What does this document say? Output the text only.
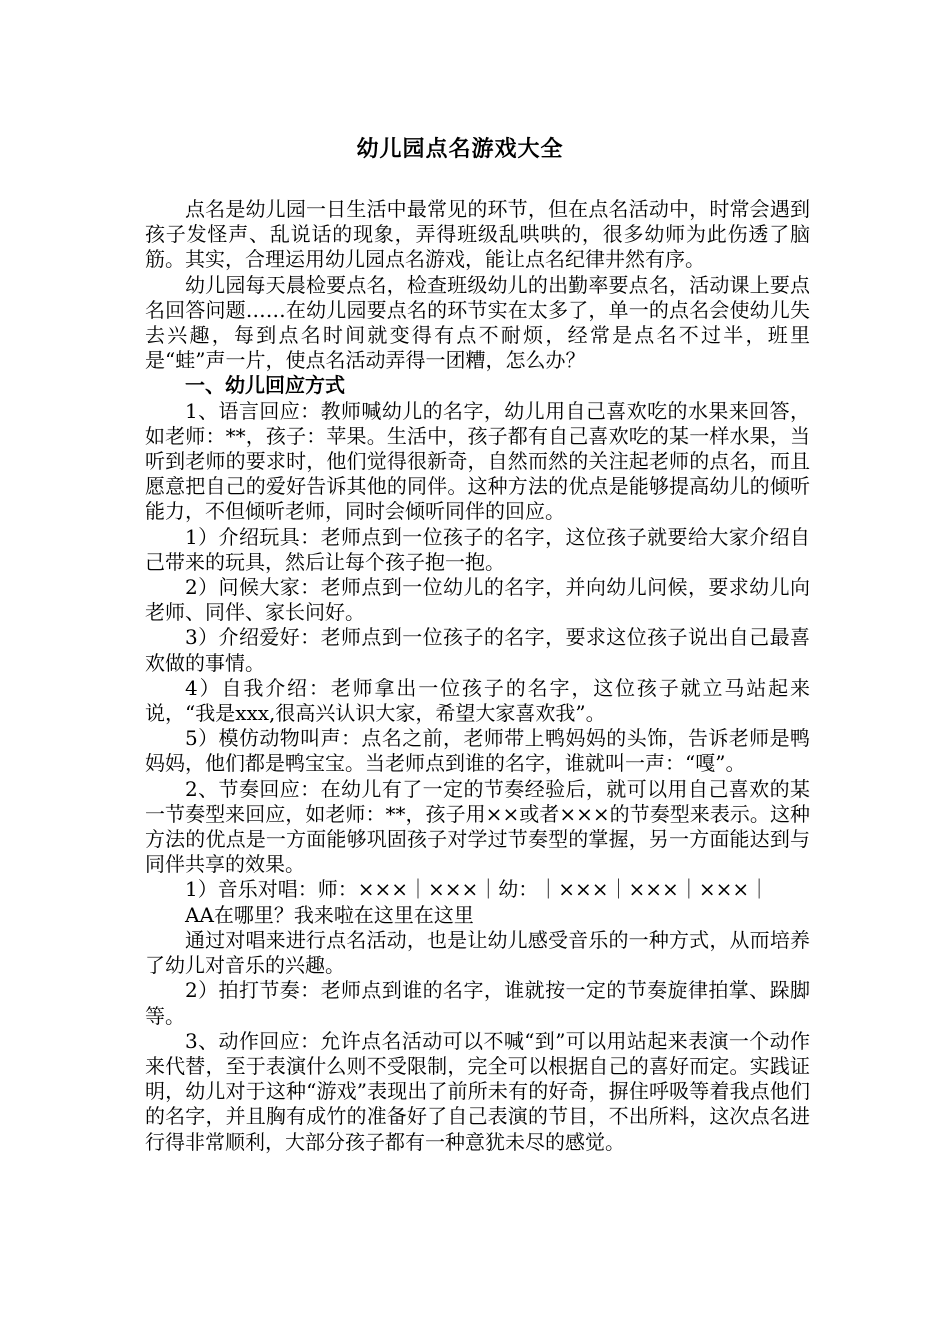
幼儿园点名游戏大全

点名是幼儿园一日生活中最常见的环节，但在点名活动中，时常会遇到孩子发怪声、乱说话的现象，弄得班级乱哄哄的，很多幼师为此伤透了脑筋。其实，合理运用幼儿园点名游戏，能让点名纪律井然有序。

幼儿园每天晨检要点名，检查班级幼儿的出勤率要点名，活动课上要点名回答问题……在幼儿园要点名的环节实在太多了，单一的点名会使幼儿失去兴趣，每到点名时间就变得有点不耐烦，经常是点名不过半，班里是“蛙”声一片，使点名活动弄得一团糟，怎么办？

一、幼儿回应方式

1、语言回应：教师喊幼儿的名字，幼儿用自己喜欢吃的水果来回答，如老师：**，孩子：苹果。生活中，孩子都有自己喜欢吃的某一样水果，当听到老师的要求时，他们觉得很新奇，自然而然的关注起老师的点名，而且愿意把自己的爱好告诉其他的同伴。这种方法的优点是能够提高幼儿的倾听能力，不但倾听老师，同时会倾听同伴的回应。

1）介绍玩具：老师点到一位孩子的名字，这位孩子就要给大家介绍自己带来的玩具，然后让每个孩子抱一抱。

2）问候大家：老师点到一位幼儿的名字，并向幼儿问候，要求幼儿向老师、同伴、家长问好。

3）介绍爱好：老师点到一位孩子的名字，要求这位孩子说出自己最喜欢做的事情。

4）自我介绍：老师拿出一位孩子的名字，这位孩子就立马站起来说，“我是xxx,很高兴认识大家，希望大家喜欢我”。

5）模仿动物叫声：点名之前，老师带上鸭妈妈的头饰，告诉老师是鸭妈妈，他们都是鸭宝宝。当老师点到谁的名字，谁就叫一声：“嘎”。

2、节奏回应：在幼儿有了一定的节奏经验后，就可以用自己喜欢的某一节奏型来回应，如老师：**，孩子用××或者×××的节奏型来表示。这种方法的优点是一方面能够巩固孩子对学过节奏型的掌握，另一方面能达到与同伴共享的效果。

1）音乐对唱：师：×××｜×××｜幼：｜×××｜×××｜×××｜

AA在哪里？我来啦在这里在这里

通过对唱来进行点名活动，也是让幼儿感受音乐的一种方式，从而培养了幼儿对音乐的兴趣。

2）拍打节奏：老师点到谁的名字，谁就按一定的节奏旋律拍掌、跺脚等。

3、动作回应：允许点名活动可以不喊“到”可以用站起来表演一个动作来代替，至于表演什么则不受限制，完全可以根据自己的喜好而定。实践证明，幼儿对于这种“游戏”表现出了前所未有的好奇，摒住呼吸等着我点他们的名字，并且胸有成竹的准备好了自己表演的节目，不出所料，这次点名进行得非常顺利，大部分孩子都有一种意犹未尽的感觉。
